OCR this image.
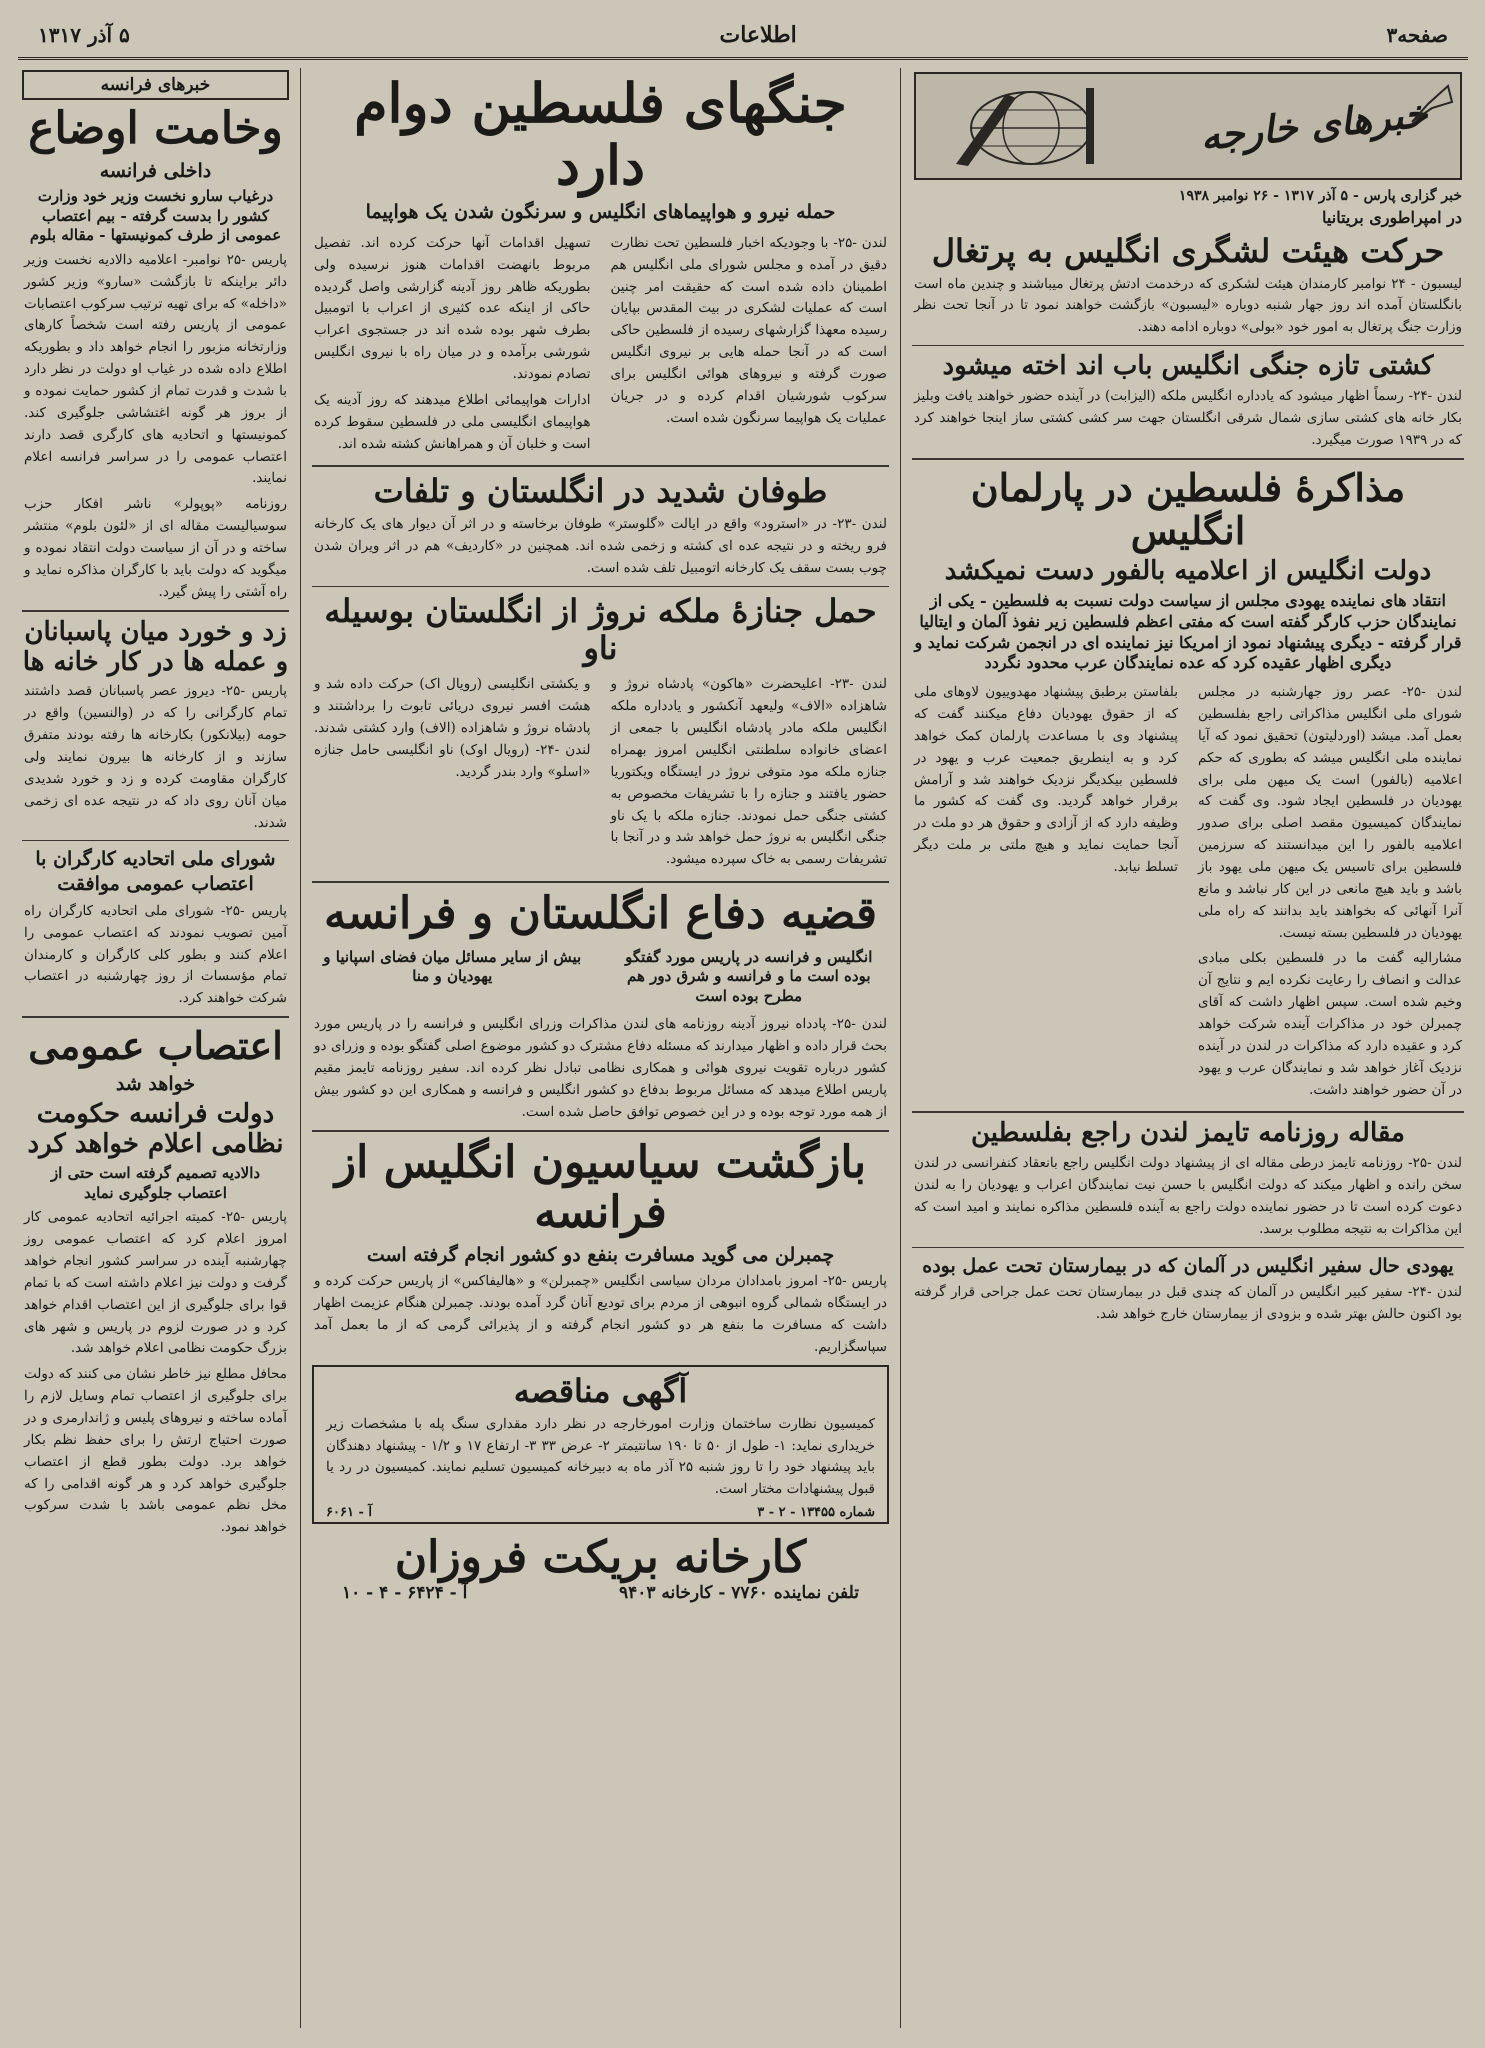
صفحه۳
اطلاعات
۵ آذر ۱۳۱۷
خبرهای خارجه
خبر گزاری پارس - ۵ آذر ۱۳۱۷ - ۲۶ نوامبر ۱۹۳۸
در امپراطوری بریتانیا
حرکت هیئت لشگری انگلیس به پرتغال
لیسبون - ۲۴ نوامبر کارمندان هیئت لشکری که درخدمت ادتش پرتغال میباشند و چندین ماه است بانگلستان آمده اند روز جهار شنبه دوباره «لیسبون» بازگشت خواهند نمود تا در آنجا تحت نظر وزارت جنگ پرتغال به امور خود «بولی» دوباره ادامه دهند.
کشتی تازه جنگی انگلیس باب اند اخته میشود
لندن -۲۴- رسماً اظهار میشود که یادداره انگلیس ملکه (الیزابت) در آینده حضور خواهند یافت وبلیز بکار خانه های کشتی سازی شمال شرقی انگلستان جهت سر کشی کشتی ساز اینجا خواهند کرد که در ۱۹۳۹ صورت میگیرد.
مذاکرهٔ فلسطین در پارلمان انگلیس
دولت انگلیس از اعلامیه بالفور دست نمیکشد
انتقاد های نماینده یهودی مجلس از سیاست دولت نسبت به فلسطین - یکی از نمایندگان حزب کارگر گفته است که مفتی اعظم فلسطین زیر نفوذ آلمان و ایتالیا قرار گرفته - دیگری پیشنهاد نمود از امریکا نیز نماینده ای در انجمن شرکت نماید و دیگری اظهار عقیده کرد که عده نمایندگان عرب محدود نگردد
لندن -۲۵- عصر روز جهارشنبه در مجلس شورای ملی انگلیس مذاکراتی راجع بفلسطین بعمل آمد. میشد (اوردلیتون) تحقیق نمود که آیا نماینده ملی انگلیس میشد که بطوری که حکم اعلامیه (بالفور) است یک میهن ملی برای یهودیان در فلسطین ایجاد شود. وی گفت که نمایندگان کمیسیون مقصد اصلی برای صدور اعلامیه بالفور را این میدانستند که سرزمین فلسطین برای تاسیس یک میهن ملی یهود باز باشد و باید هیچ مانعی در این کار نباشد و مانع آنرا آنهائی که بخواهند باید بدانند که راه ملی یهودیان در فلسطین بسته نیست.
مشارالیه گفت ما در فلسطین بکلی مبادی عدالت و انصاف را رعایت نکرده ایم و نتایج آن وخیم شده است. سپس اظهار داشت که آقای چمبرلن خود در مذاکرات آینده شرکت خواهد کرد و عقیده دارد که مذاکرات در لندن در آینده نزدیک آغاز خواهد شد و نمایندگان عرب و یهود در آن حضور خواهند داشت.
بلفاستن برطبق پیشنهاد مهدوییون لاوهای ملی که از حقوق یهودیان دفاع میکنند گفت که پیشنهاد وی با مساعدت پارلمان کمک خواهد کرد و به اینطریق جمعیت عرب و یهود در فلسطین بیکدیگر نزدیک خواهند شد و آرامش برقرار خواهد گردید. وی گفت که کشور ما وظیفه دارد که از آزادی و حقوق هر دو ملت در آنجا حمایت نماید و هیچ ملتی بر ملت دیگر تسلط نیابد.
مقاله روزنامه تایمز لندن راجع بفلسطین
لندن -۲۵- روزنامه تایمز درطی مقاله ای از پیشنهاد دولت انگلیس راجع بانعقاد کنفرانسی در لندن سخن رانده و اظهار میکند که دولت انگلیس با حسن نیت نمایندگان اعراب و یهودیان را به لندن دعوت کرده است تا در حضور نماینده دولت راجع به آینده فلسطین مذاکره نمایند و امید است که این مذاکرات به نتیجه مطلوب برسد.
یهودی حال سفیر انگلیس در آلمان که در بیمارستان تحت عمل بوده
لندن -۲۴- سفیر کبیر انگلیس در آلمان که چندی قبل در بیمارستان تحت عمل جراحی قرار گرفته بود اکنون حالش بهتر شده و بزودی از بیمارستان خارج خواهد شد.
جنگهای فلسطین دوام دارد
حمله نیرو و هواپیماهای انگلیس و سرنگون شدن یک هواپیما
لندن -۲۵- با وجودیکه اخبار فلسطین تحت نظارت دقیق در آمده و مجلس شورای ملی انگلیس هم اطمینان داده شده است که حقیقت امر چنین است که عملیات لشکری در بیت المقدس بپایان رسیده معهذا گزارشهای رسیده از فلسطین حاکی است که در آنجا حمله هایی بر نیروی انگلیس صورت گرفته و نیروهای هوائی انگلیس برای سرکوب شورشیان اقدام کرده و در جریان عملیات یک هواپیما سرنگون شده است.
تسهیل اقدامات آنها حرکت کرده اند. تفصیل مربوط بانهضت اقدامات هنوز نرسیده ولی بطوریکه ظاهر روز آدینه گزارشی واصل گردیده حاکی از اینکه عده کثیری از اعراب با اتومبیل بطرف شهر بوده شده اند در جستجوی اعراب شورشی برآمده و در میان راه با نیروی انگلیس تصادم نمودند.
ادارات هواپیمائی اطلاع میدهند که روز آدینه یک هواپیمای انگلیسی ملی در فلسطین سقوط کرده است و خلبان آن و همراهانش کشته شده اند.
طوفان شدید در انگلستان و تلفات
لندن -۲۳- در «استرود» واقع در ایالت «گلوستر» طوفان برخاسته و در اثر آن دیوار های یک کارخانه فرو ریخته و در نتیجه عده ای کشته و زخمی شده اند. همچنین در «کاردیف» هم در اثر ویران شدن چوب بست سقف یک کارخانه اتومبیل تلف شده است.
حمل جنازهٔ ملکه نروژ از انگلستان بوسیله ناو
لندن -۲۳- اعلیحضرت «هاکون» پادشاه نروژ و شاهزاده «الاف» ولیعهد آنکشور و یادداره ملکه انگلیس ملکه مادر پادشاه انگلیس با جمعی از اعضای خانواده سلطنتی انگلیس امروز بهمراه جنازه ملکه مود متوفی نروژ در ایستگاه ویکتوریا حضور یافتند و جنازه را با تشریفات مخصوص به کشتی جنگی حمل نمودند. جنازه ملکه با یک ناو جنگی انگلیس به نروژ حمل خواهد شد و در آنجا با تشریفات رسمی به خاک سپرده میشود.
و یکشتی انگلیسی (رویال اک) حرکت داده شد و هشت افسر نیروی دریائی تابوت را برداشتند و پادشاه نروژ و شاهزاده (الاف) وارد کشتی شدند. لندن -۲۴- (رویال اوک) ناو انگلیسی حامل جنازه «اسلو» وارد بندر گردید.
قضیه دفاع انگلستان و فرانسه
انگلیس و فرانسه در پاریس مورد گفتگو بوده است ما و فرانسه و شرق دور هم مطرح بوده است
بیش از سایر مسائل میان فضای اسپانیا و یهودیان و منا
لندن -۲۵- پادداه نیروز آدینه روزنامه های لندن مذاکرات وزرای انگلیس و فرانسه را در پاریس مورد بحث قرار داده و اظهار میدارند که مسئله دفاع مشترک دو کشور موضوع اصلی گفتگو بوده و وزرای دو کشور درباره تقویت نیروی هوائی و همکاری نظامی تبادل نظر کرده اند. سفیر روزنامه تایمز مقیم پاریس اطلاع میدهد که مسائل مربوط بدفاع دو کشور انگلیس و فرانسه و همکاری این دو کشور بیش از همه مورد توجه بوده و در این خصوص توافق حاصل شده است.
بازگشت سیاسیون انگلیس از فرانسه
چمبرلن می گوید مسافرت بنفع دو کشور انجام گرفته است
پاریس -۲۵- امروز بامدادان مردان سیاسی انگلیس «چمبرلن» و «هالیفاکس» از پاریس حرکت کرده و در ایستگاه شمالی گروه انبوهی از مردم برای تودیع آنان گرد آمده بودند. چمبرلن هنگام عزیمت اظهار داشت که مسافرت ما بنفع هر دو کشور انجام گرفته و از پذیرائی گرمی که از ما بعمل آمد سپاسگزاریم.
آگهی مناقصه
کمیسیون نظارت ساختمان وزارت امورخارجه در نظر دارد مقداری سنگ پله با مشخصات زیر خریداری نماید: ۱- طول از ۵۰ تا ۱۹۰ سانتیمتر ۲- عرض ۳۳ ۳- ارتفاع ۱۷ و ۱/۲ - پیشنهاد دهندگان باید پیشنهاد خود را تا روز شنبه ۲۵ آذر ماه به دبیرخانه کمیسیون تسلیم نمایند. کمیسیون در رد یا قبول پیشنهادات مختار است.
شماره ۱۳۴۵۵ - ۲ - ۳
آ - ۶۰۶۱
کارخانه بریکت فروزان
تلفن نماینده ۷۷۶۰ - کارخانه ۹۴۰۳
آ - ۶۴۲۴ - ۴ - ۱۰
خبرهای فرانسه
وخامت اوضاع
داخلی فرانسه
درغیاب سارو نخست وزیر خود وزارت کشور را بدست گرفته - بیم اعتصاب عمومی از طرف کمونیستها - مقاله بلوم
پاریس -۲۵ نوامبر- اعلامیه دالادیه نخست وزیر دائر براینکه تا بازگشت «سارو» وزیر کشور «داخله» که برای تهیه ترتیب سرکوب اعتصابات عمومی از پاریس رفته است شخصاً کارهای وزارتخانه مزبور را انجام خواهد داد و بطوریکه اطلاع داده شده در غیاب او دولت در نظر دارد با شدت و قدرت تمام از کشور حمایت نموده و از بروز هر گونه اغتشاشی جلوگیری کند. کمونیستها و اتحادیه های کارگری قصد دارند اعتصاب عمومی را در سراسر فرانسه اعلام نمایند.
روزنامه «پوپولر» ناشر افکار حزب سوسیالیست مقاله ای از «لئون بلوم» منتشر ساخته و در آن از سیاست دولت انتقاد نموده و میگوید که دولت باید با کارگران مذاکره نماید و راه آشتی را پیش گیرد.
زد و خورد میان پاسبانان و عمله ها در کار خانه ها
پاریس -۲۵- دیروز عصر پاسبانان قصد داشتند تمام کارگرانی را که در (والنسین) واقع در حومه (بیلانکور) بکارخانه ها رفته بودند متفرق سازند و از کارخانه ها بیرون نمایند ولی کارگران مقاومت کرده و زد و خورد شدیدی میان آنان روی داد که در نتیجه عده ای زخمی شدند.
شورای ملی اتحادیه کارگران با اعتصاب عمومی موافقت
پاریس -۲۵- شورای ملی اتحادیه کارگران راه آمین تصویب نمودند که اعتصاب عمومی را اعلام کنند و بطور کلی کارگران و کارمندان تمام مؤسسات از روز چهارشنبه در اعتصاب شرکت خواهند کرد.
اعتصاب عمومی
خواهد شد
دولت فرانسه حکومت نظامی اعلام خواهد کرد
دالادیه تصمیم گرفته است حتی از اعتصاب جلوگیری نماید
پاریس -۲۵- کمیته اجرائیه اتحادیه عمومی کار امروز اعلام کرد که اعتصاب عمومی روز چهارشنبه آینده در سراسر کشور انجام خواهد گرفت و دولت نیز اعلام داشته است که با تمام قوا برای جلوگیری از این اعتصاب اقدام خواهد کرد و در صورت لزوم در پاریس و شهر های بزرگ حکومت نظامی اعلام خواهد شد.
محافل مطلع نیز خاطر نشان می کنند که دولت برای جلوگیری از اعتصاب تمام وسایل لازم را آماده ساخته و نیروهای پلیس و ژاندارمری و در صورت احتیاج ارتش را برای حفظ نظم بکار خواهد برد. دولت بطور قطع از اعتصاب جلوگیری خواهد کرد و هر گونه اقدامی را که مخل نظم عمومی باشد با شدت سرکوب خواهد نمود.
